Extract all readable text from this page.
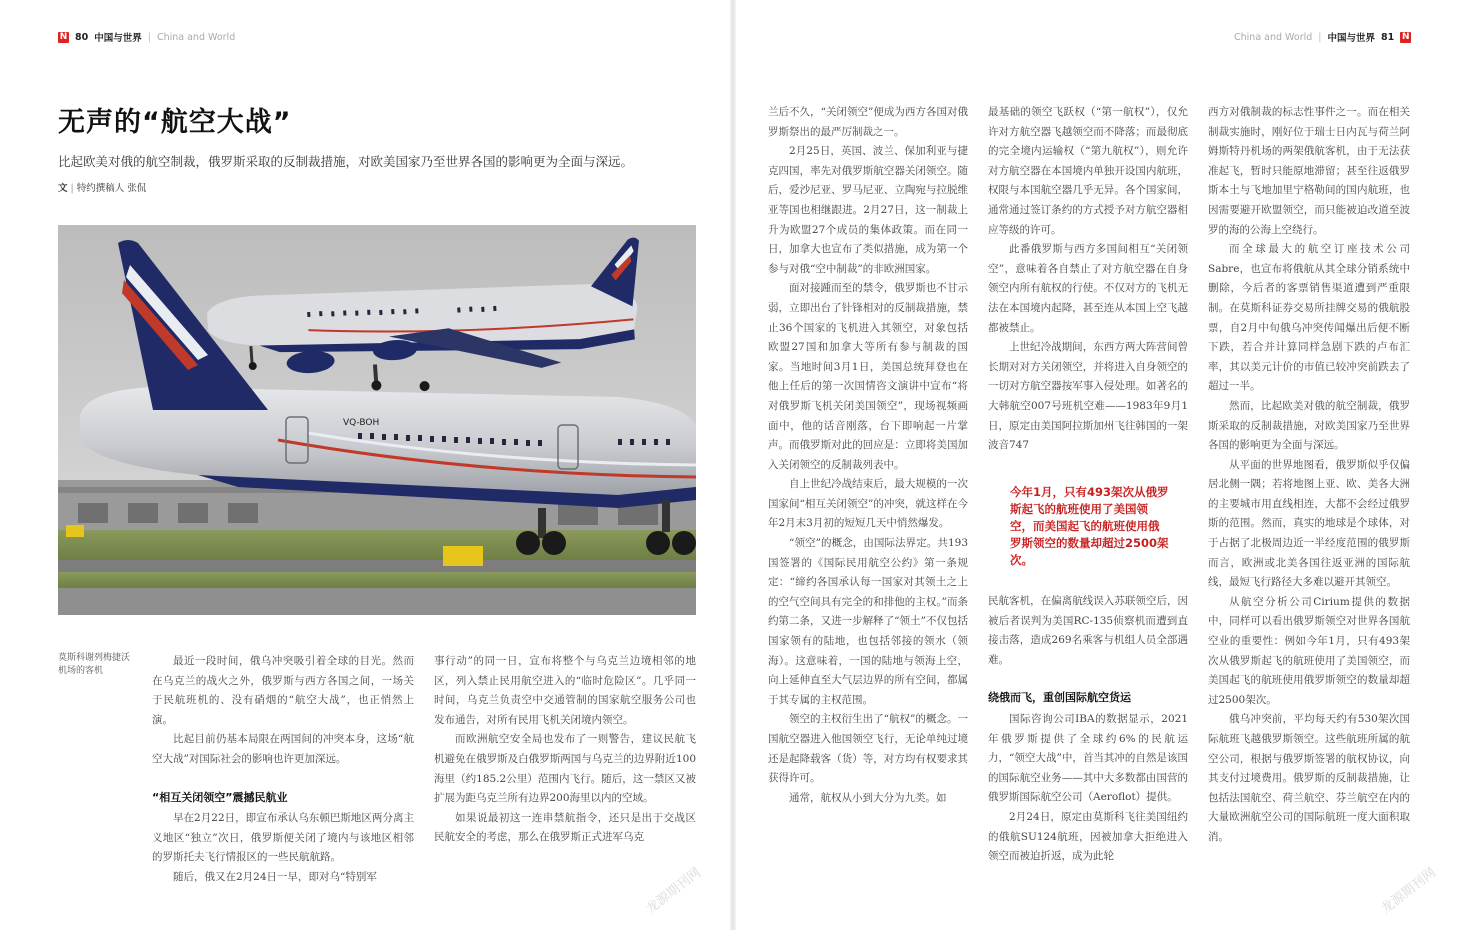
N 80 中国与世界 | China and World	China and World | 中国与世界 81 N
无声的“航空大战”
比起欧美对俄的航空制裁，俄罗斯采取的反制裁措施，对欧美国家乃至世界各国的影响更为全面与深远。
文 | 特约撰稿人 张侃
VQ-BOH
莫斯科谢列梅捷沃机场的客机

最近一段时间，俄乌冲突吸引着全球的目光。然而在乌克兰的战火之外，俄罗斯与西方各国之间，一场关于民航班机的、没有硝烟的“航空大战”，也正悄然上演。

比起目前仍基本局限在两国间的冲突本身，这场“航空大战”对国际社会的影响也许更加深远。

“相互关闭领空”震撼民航业

早在2月22日，即宣布承认乌东顿巴斯地区两分离主义地区“独立”次日，俄罗斯便关闭了境内与该地区相邻的罗斯托夫飞行情报区的一些民航航路。

随后，俄又在2月24日一早，即对乌“特别军

事行动”的同一日，宣布将整个与乌克兰边境相邻的地区，列入禁止民用航空进入的“临时危险区”。几乎同一时间，乌克兰负责空中交通管制的国家航空服务公司也发布通告，对所有民用飞机关闭境内领空。

而欧洲航空安全局也发布了一则警告，建议民航飞机避免在俄罗斯及白俄罗斯两国与乌克兰的边界附近100海里（约185.2公里）范围内飞行。随后，这一禁区又被扩展为距乌克兰所有边界200海里以内的空域。

如果说最初这一连串禁航指令，还只是出于交战区民航安全的考虑，那么在俄罗斯正式进军乌克

兰后不久，“关闭领空”便成为西方各国对俄罗斯祭出的最严厉制裁之一。

2月25日，英国、波兰、保加利亚与捷克四国，率先对俄罗斯航空器关闭领空。随后，爱沙尼亚、罗马尼亚、立陶宛与拉脱维亚等国也相继跟进。2月27日，这一制裁上升为欧盟27个成员的集体政策。而在同一日，加拿大也宣布了类似措施，成为第一个参与对俄“空中制裁”的非欧洲国家。

面对接踵而至的禁令，俄罗斯也不甘示弱，立即出台了针锋相对的反制裁措施，禁止36个国家的飞机进入其领空，对象包括欧盟27国和加拿大等所有参与制裁的国家。当地时间3月1日，美国总统拜登也在他上任后的第一次国情咨文演讲中宣布“将对俄罗斯飞机关闭美国领空”，现场视频画面中，他的话音刚落，台下即响起一片掌声。而俄罗斯对此的回应是：立即将美国加入关闭领空的反制裁列表中。

自上世纪冷战结束后，最大规模的一次国家间“相互关闭领空”的冲突，就这样在今年2月末3月初的短短几天中悄然爆发。

“领空”的概念，由国际法界定。共193国签署的《国际民用航空公约》第一条规定：“缔约各国承认每一国家对其领土之上的空气空间具有完全的和排他的主权。”而条约第二条，又进一步解释了“领土”不仅包括国家领有的陆地，也包括邻接的领水（领海）。这意味着，一国的陆地与领海上空，向上延伸直至大气层边界的所有空间，都属于其专属的主权范围。

领空的主权衍生出了“航权”的概念。一国航空器进入他国领空飞行，无论单纯过境还是起降载客（货）等，对方均有权要求其获得许可。

通常，航权从小到大分为九类。如

最基础的领空飞跃权（“第一航权”），仅允许对方航空器飞越领空而不降落；而最彻底的完全境内运输权（“第九航权”），则允许对方航空器在本国境内单独开设国内航班，权限与本国航空器几乎无异。各个国家间，通常通过签订条约的方式授予对方航空器相应等级的许可。

此番俄罗斯与西方多国间相互“关闭领空”，意味着各自禁止了对方航空器在自身领空内所有航权的行使。不仅对方的飞机无法在本国境内起降，甚至连从本国上空飞越都被禁止。

上世纪冷战期间，东西方两大阵营间曾长期对对方关闭领空，并将进入自身领空的一切对方航空器按军事入侵处理。如著名的大韩航空007号班机空难——1983年9月1日，原定由美国阿拉斯加州飞往韩国的一架波音747

今年1月，只有493架次从俄罗斯起飞的航班使用了美国领空，而美国起飞的航班使用俄罗斯领空的数量却超过2500架次。

民航客机，在偏离航线误入苏联领空后，因被后者误判为美国RC-135侦察机而遭到直接击落，造成269名乘客与机组人员全部遇难。

绕俄而飞，重创国际航空货运

国际咨询公司IBA的数据显示，2021年俄罗斯提供了全球约6%的民航运力，“领空大战”中，首当其冲的自然是该国的国际航空业务——其中大多数都由国营的俄罗斯国际航空公司（Aeroflot）提供。

2月24日，原定由莫斯科飞往美国纽约的俄航SU124航班，因被加拿大拒绝进入领空而被迫折返，成为此轮

西方对俄制裁的标志性事件之一。而在相关制裁实施时，刚好位于瑞士日内瓦与荷兰阿姆斯特丹机场的两架俄航客机，由于无法获准起飞，暂时只能原地滞留；甚至往返俄罗斯本土与飞地加里宁格勒间的国内航班，也因需要避开欧盟领空，而只能被迫改道至波罗的海的公海上空绕行。

而全球最大的航空订座技术公司Sabre，也宣布将俄航从其全球分销系统中删除，今后者的客票销售渠道遭到严重限制。在莫斯科证券交易所挂牌交易的俄航股票，自2月中旬俄乌冲突传闻爆出后便不断下跌，若合并计算同样急剧下跌的卢布汇率，其以美元计价的市值已较冲突前跌去了超过一半。

然而，比起欧美对俄的航空制裁，俄罗斯采取的反制裁措施，对欧美国家乃至世界各国的影响更为全面与深远。

从平面的世界地图看，俄罗斯似乎仅偏居北侧一隅；若将地图上亚、欧、美各大洲的主要城市用直线相连，大都不会经过俄罗斯的范围。然而，真实的地球是个球体，对于占据了北极周边近一半经度范围的俄罗斯而言，欧洲或北美各国往返亚洲的国际航线，最短飞行路径大多难以避开其领空。

从航空分析公司Cirium提供的数据中，同样可以看出俄罗斯领空对世界各国航空业的重要性：例如今年1月，只有493架次从俄罗斯起飞的航班使用了美国领空，而美国起飞的航班使用俄罗斯领空的数量却超过2500架次。

俄乌冲突前，平均每天约有530架次国际航班飞越俄罗斯领空。这些航班所属的航空公司，根据与俄罗斯签署的航权协议，向其支付过境费用。俄罗斯的反制裁措施，让包括法国航空、荷兰航空、芬兰航空在内的大量欧洲航空公司的国际航班一度大面积取消。

龙源期刊网	龙源期刊网
